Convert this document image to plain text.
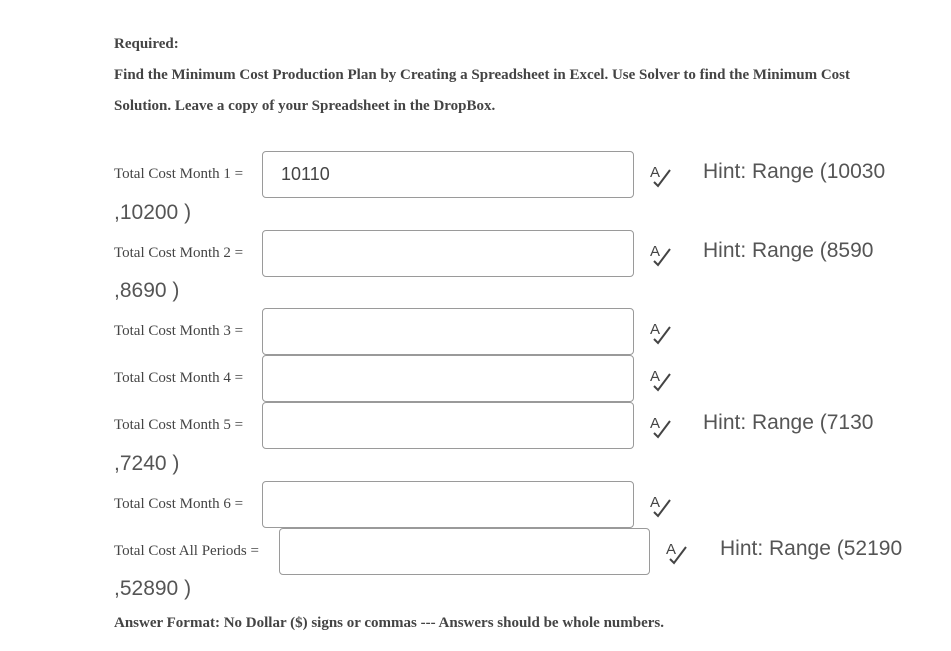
Required:
Find the Minimum Cost Production Plan by Creating a Spreadsheet in Excel. Use Solver to find the Minimum Cost
Solution. Leave a copy of your Spreadsheet in the DropBox.
Total Cost Month 1 =	10110	A Hint: Range (10030
,10200 )
Total Cost Month 2 =	A Hint: Range (8590
,8690 )
Total Cost Month 3 =	A
Total Cost Month 4 =	A
Total Cost Month 5 =	A Hint: Range (7130
,7240 )
Total Cost Month 6 =	A
Total Cost All Periods =	A Hint: Range (52190
,52890 )
Answer Format: No Dollar ($) signs or commas --- Answers should be whole numbers.
